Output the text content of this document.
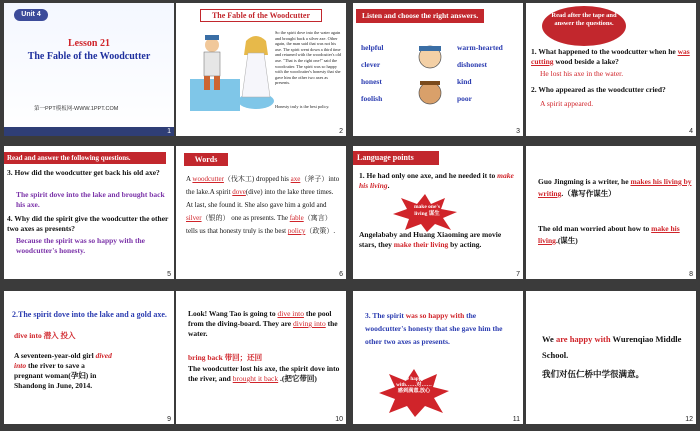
Unit 4
Lesson 21
The Fable of the Woodcutter
第一PPT模板网-WWW.1PPT.COM
1
The Fable of the Woodcutter
So the spirit dove into the water again and brought back a silver axe. Other again, the man said that was not his axe. The spirit went down a third time and returned with the woodcutter's old axe. "That is the right one!" said the woodcutter. The spirit was so happy with the woodcutter's honesty that she gave him the other two axes as presents.
Honesty truly is the best policy.
2
Listen and choose the right answers.
helpful
clever
honest
foolish
warm-hearted
dishonest
kind
poor
3
Read after the tape and answer the questions.
1. What happened to the woodcutter when he was cutting wood beside a lake?
He lost his axe in the water.
2. Who appeared as the woodcutter cried?
A spirit appeared.
4
Read and answer the following questions.
3. How did the woodcutter get back his old axe?
The spirit dove into the lake and brought back his axe.
4. Why did the spirit give the woodcutter the other two axes as presents?
Because the spirit was so happy with the woodcutter's honesty.
5
Words
A woodcutter（伐木工) dropped his axe（斧子）into the lake.A spirit dove(dive) into the lake three times. At last, she found it. She also gave him a gold and silver（银的） one as presents. The fable（寓言）tells us that honesty truly is the best policy（政策）.
6
Language points
1. He had only one axe, and he needed it to make his living.
make one's living 谋生
Angelababy and Huang Xiaoming are movie stars, they make their living by acting.
7
Guo Jingming is a writer, he makes his living by writing.（靠写作谋生）
The old man worried about how to make his living.(谋生)
8
2.The spirit dove into the lake and a gold axe.
dive into 潜入 投入
A seventeen-year-old girl dived into the river to save a pregnant woman(孕妇) in Shandong in June, 2014.
9
Look! Wang Tao is going to dive into the pool from the diving-board. They are diving into the water.
bring back 带回；还回
The woodcutter lost his axe, the spirit dove into the river, and brought it back .(把它带回)
10
3. The spirit was so happy with the woodcutter's honesty that she gave him the other two axes as presents.
be happy with……对……感到满意,放心
11
We are happy with Wurenqiao Middle School.
我们对伍仁桥中学很满意。
12
